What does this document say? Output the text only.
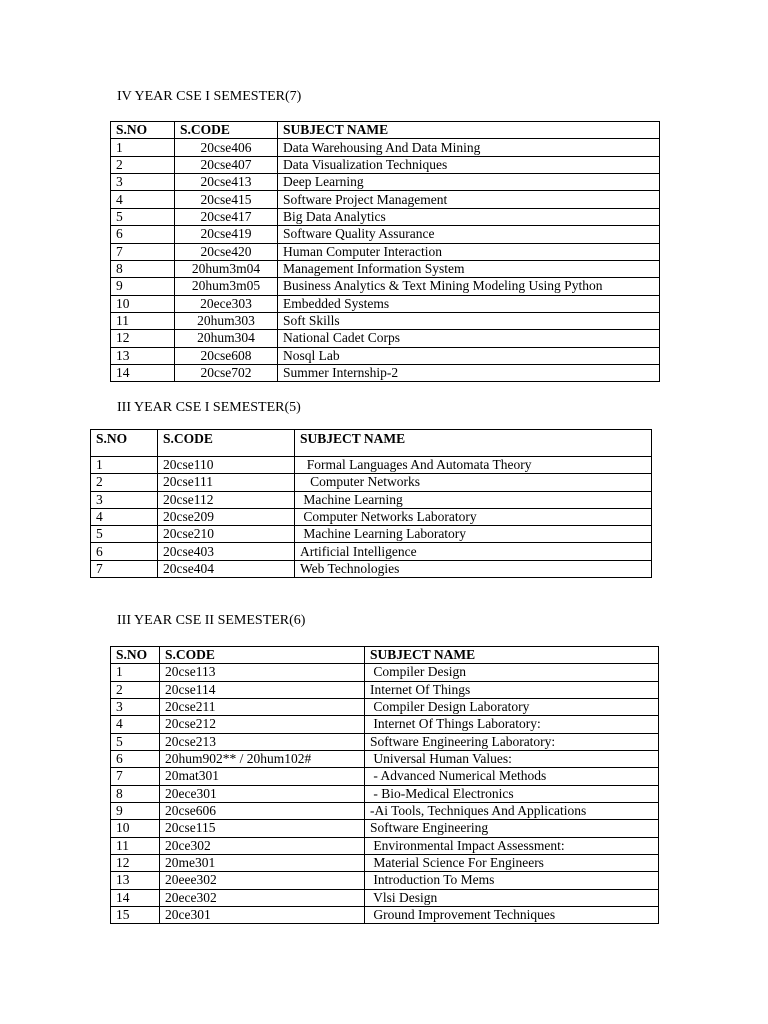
IV YEAR CSE I SEMESTER(7)
S.NO	S.CODE	SUBJECT NAME
1	20cse406	Data Warehousing And Data Mining
2	20cse407	Data Visualization Techniques
3	20cse413	Deep Learning
4	20cse415	Software Project Management
5	20cse417	Big Data Analytics
6	20cse419	Software Quality Assurance
7	20cse420	Human Computer Interaction
8	20hum3m04	Management Information System
9	20hum3m05	Business Analytics & Text Mining Modeling Using Python
10	20ece303	Embedded Systems
11	20hum303	Soft Skills
12	20hum304	National Cadet Corps
13	20cse608	Nosql Lab
14	20cse702	Summer Internship-2
III YEAR CSE I SEMESTER(5)
S.NO	S.CODE	SUBJECT NAME
1	20cse110	Formal Languages And Automata Theory
2	20cse111	Computer Networks
3	20cse112	Machine Learning
4	20cse209	Computer Networks Laboratory
5	20cse210	Machine Learning Laboratory
6	20cse403	Artificial Intelligence
7	20cse404	Web Technologies
III YEAR CSE II SEMESTER(6)
S.NO	S.CODE	SUBJECT NAME
1	20cse113	Compiler Design
2	20cse114	Internet Of Things
3	20cse211	Compiler Design Laboratory
4	20cse212	Internet Of Things Laboratory:
5	20cse213	Software Engineering Laboratory:
6	20hum902** / 20hum102#	Universal Human Values:
7	20mat301	- Advanced Numerical Methods
8	20ece301	- Bio-Medical Electronics
9	20cse606	-Ai Tools, Techniques And Applications
10	20cse115	Software Engineering
11	20ce302	Environmental Impact Assessment:
12	20me301	Material Science For Engineers
13	20eee302	Introduction To Mems
14	20ece302	Vlsi Design
15	20ce301	Ground Improvement Techniques
